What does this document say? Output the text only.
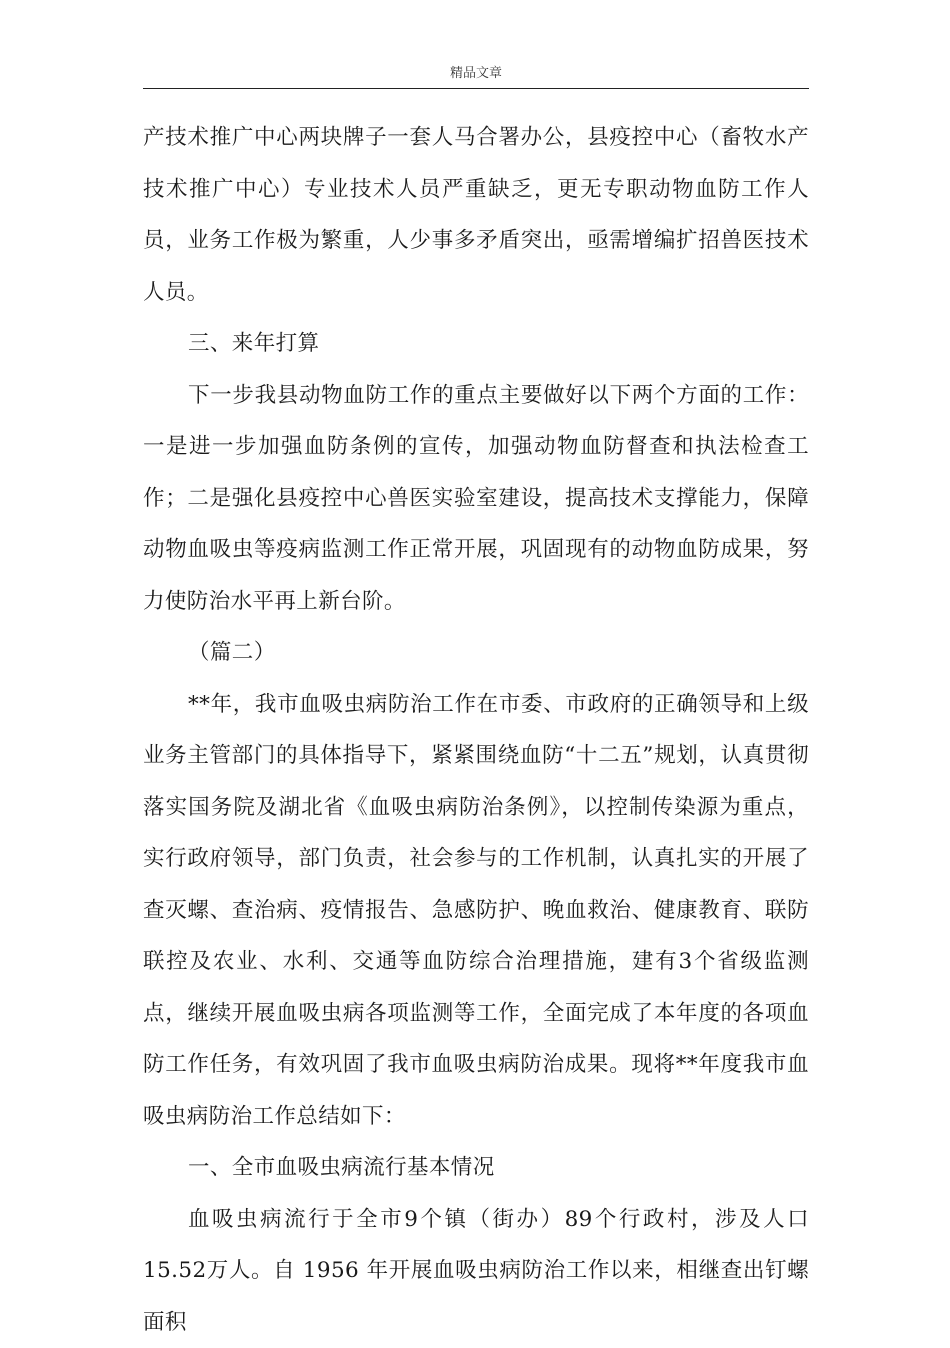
精品文章

产技术推广中心两块牌子一套人马合署办公，县疫控中心（畜牧水产技术推广中心）专业技术人员严重缺乏，更无专职动物血防工作人员，业务工作极为繁重，人少事多矛盾突出，亟需增编扩招兽医技术人员。

三、来年打算

下一步我县动物血防工作的重点主要做好以下两个方面的工作：一是进一步加强血防条例的宣传，加强动物血防督查和执法检查工作；二是强化县疫控中心兽医实验室建设，提高技术支撑能力，保障动物血吸虫等疫病监测工作正常开展，巩固现有的动物血防成果，努力使防治水平再上新台阶。

（篇二）

**年，我市血吸虫病防治工作在市委、市政府的正确领导和上级业务主管部门的具体指导下，紧紧围绕血防“十二五”规划，认真贯彻落实国务院及湖北省《血吸虫病防治条例》，以控制传染源为重点，实行政府领导，部门负责，社会参与的工作机制，认真扎实的开展了查灭螺、查治病、疫情报告、急感防护、晚血救治、健康教育、联防联控及农业、水利、交通等血防综合治理措施，建有3个省级监测点，继续开展血吸虫病各项监测等工作，全面完成了本年度的各项血防工作任务，有效巩固了我市血吸虫病防治成果。现将**年度我市血吸虫病防治工作总结如下：

一、全市血吸虫病流行基本情况

血吸虫病流行于全市9个镇（街办）89个行政村，涉及人口15.52万人。自 1956 年开展血吸虫病防治工作以来，相继查出钉螺面积
